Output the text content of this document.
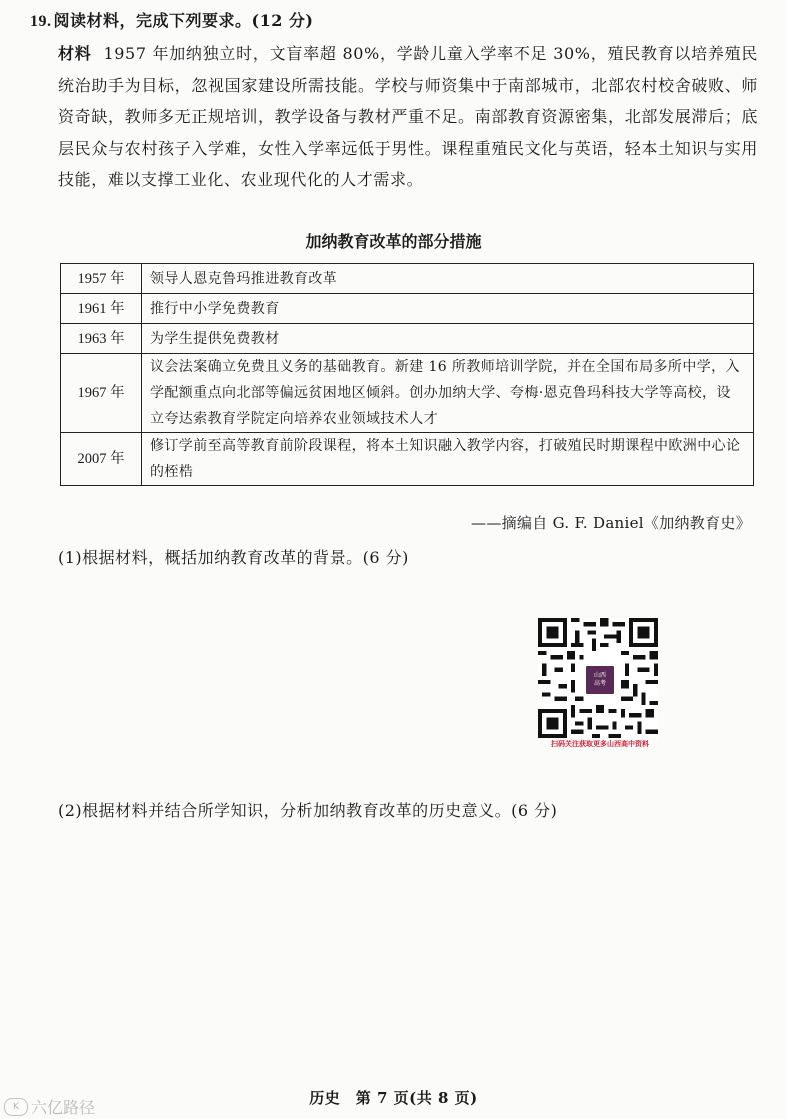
19. 阅读材料，完成下列要求。(12 分)
材料 1957 年加纳独立时，文盲率超 80%，学龄儿童入学率不足 30%，殖民教育以培养殖民统治助手为目标，忽视国家建设所需技能。学校与师资集中于南部城市，北部农村校舍破败、师资奇缺，教师多无正规培训，教学设备与教材严重不足。南部教育资源密集，北部发展滞后；底层民众与农村孩子入学难，女性入学率远低于男性。课程重殖民文化与英语，轻本土知识与实用技能，难以支撑工业化、农业现代化的人才需求。
加纳教育改革的部分措施
1957 年	领导人恩克鲁玛推进教育改革
1961 年	推行中小学免费教育
1963 年	为学生提供免费教材
1967 年	议会法案确立免费且义务的基础教育。新建 16 所教师培训学院，并在全国布局多所中学，入学配额重点向北部等偏远贫困地区倾斜。创办加纳大学、夸梅·恩克鲁玛科技大学等高校，设立夸达索教育学院定向培养农业领域技术人才
2007 年	修订学前至高等教育前阶段课程，将本土知识融入教学内容，打破殖民时期课程中欧洲中心论的桎梏
——摘编自 G. F. Daniel《加纳教育史》
(1)根据材料，概括加纳教育改革的背景。(6 分)
山西
高考
扫码关注获取更多山西高中资料
(2)根据材料并结合所学知识，分析加纳教育改革的历史意义。(6 分)
历史　第 7 页(共 8 页)
K 六亿路径
